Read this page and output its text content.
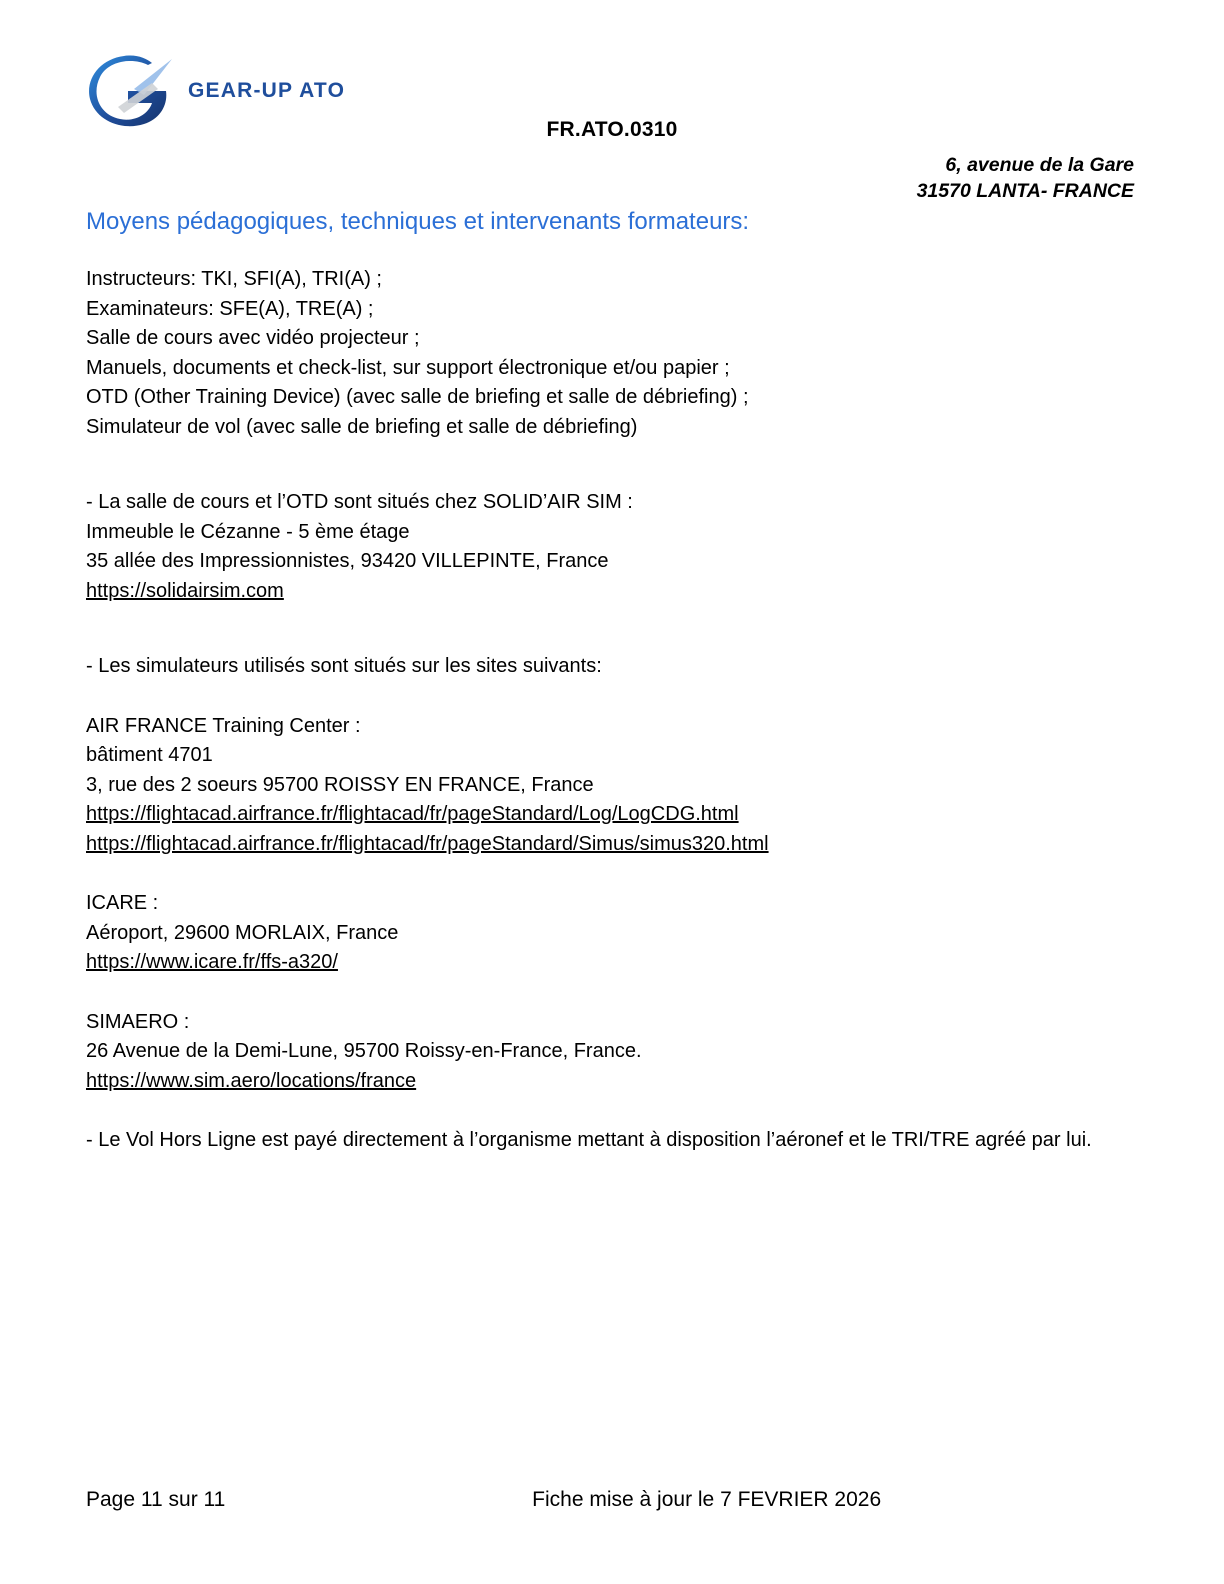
GEAR-UP ATO
FR.ATO.0310
6, avenue de la Gare
31570 LANTA- FRANCE
Moyens pédagogiques, techniques et intervenants formateurs:

Instructeurs: TKI, SFI(A), TRI(A) ;

Examinateurs: SFE(A), TRE(A) ;

Salle de cours avec vidéo projecteur ;

Manuels, documents et check-list, sur support électronique et/ou papier ;

OTD (Other Training Device) (avec salle de briefing et salle de débriefing) ;

Simulateur de vol (avec salle de briefing et salle de débriefing)

- La salle de cours et l’OTD sont situés chez SOLID’AIR SIM :

Immeuble le Cézanne - 5 ème étage

35 allée des Impressionnistes, 93420 VILLEPINTE, France

https://solidairsim.com

- Les simulateurs utilisés sont situés sur les sites suivants:

AIR FRANCE Training Center :

bâtiment 4701

3, rue des 2 soeurs 95700 ROISSY EN FRANCE, France

https://flightacad.airfrance.fr/flightacad/fr/pageStandard/Log/LogCDG.html

https://flightacad.airfrance.fr/flightacad/fr/pageStandard/Simus/simus320.html

ICARE :

Aéroport, 29600 MORLAIX, France

https://www.icare.fr/ffs-a320/

SIMAERO :

26 Avenue de la Demi-Lune, 95700 Roissy-en-France, France.

https://www.sim.aero/locations/france

- Le Vol Hors Ligne est payé directement à l’organisme mettant à disposition l’aéronef et le TRI/TRE agréé par lui.

Page 11 sur 11	Fiche mise à jour le 7 FEVRIER 2026
